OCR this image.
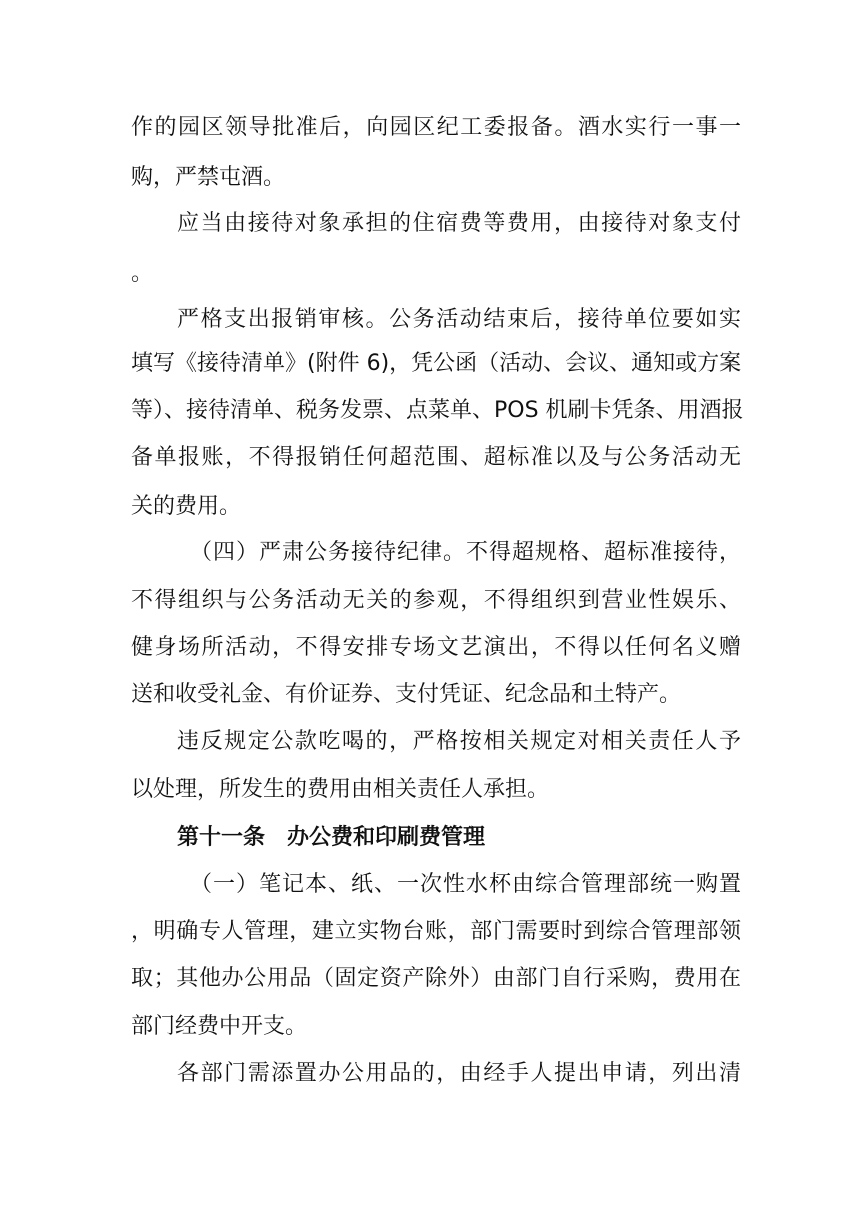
作的园区领导批准后，向园区纪工委报备。酒水实行一事一
购，严禁屯酒。
应当由接待对象承担的住宿费等费用，由接待对象支付
。
严格支出报销审核。公务活动结束后，接待单位要如实
填写《接待清单》(附件 6)，凭公函（活动、会议、通知或方案
等）、接待清单、税务发票、点菜单、POS 机刷卡凭条、用酒报
备单报账，不得报销任何超范围、超标准以及与公务活动无
关的费用。
（四）严肃公务接待纪律。不得超规格、超标准接待，
不得组织与公务活动无关的参观，不得组织到营业性娱乐、
健身场所活动，不得安排专场文艺演出，不得以任何名义赠
送和收受礼金、有价证券、支付凭证、纪念品和土特产。
违反规定公款吃喝的，严格按相关规定对相关责任人予
以处理，所发生的费用由相关责任人承担。
第十一条　办公费和印刷费管理
（一）笔记本、纸、一次性水杯由综合管理部统一购置
，明确专人管理，建立实物台账，部门需要时到综合管理部领
取；其他办公用品（固定资产除外）由部门自行采购，费用在
部门经费中开支。
各部门需添置办公用品的，由经手人提出申请，列出清
